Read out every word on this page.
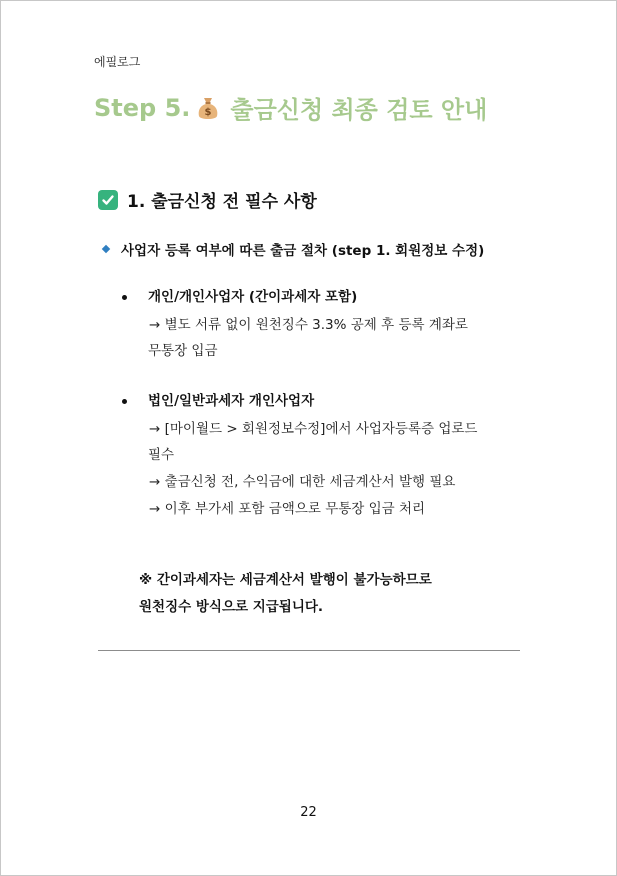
에필로그
Step 5. $ 출금신청 최종 검토 안내
1. 출금신청 전 필수 사항
사업자 등록 여부에 따른 출금 절차 (step 1. 회원정보 수정)
개인/개인사업자 (간이과세자 포함)
→ 별도 서류 없이 원천징수 3.3% 공제 후 등록 계좌로
무통장 입금
법인/일반과세자 개인사업자
→ [마이월드 > 회원정보수정]에서 사업자등록증 업로드
필수
→ 출금신청 전, 수익금에 대한 세금계산서 발행 필요
→ 이후 부가세 포함 금액으로 무통장 입금 처리
※ 간이과세자는 세금계산서 발행이 불가능하므로
원천징수 방식으로 지급됩니다.
22
